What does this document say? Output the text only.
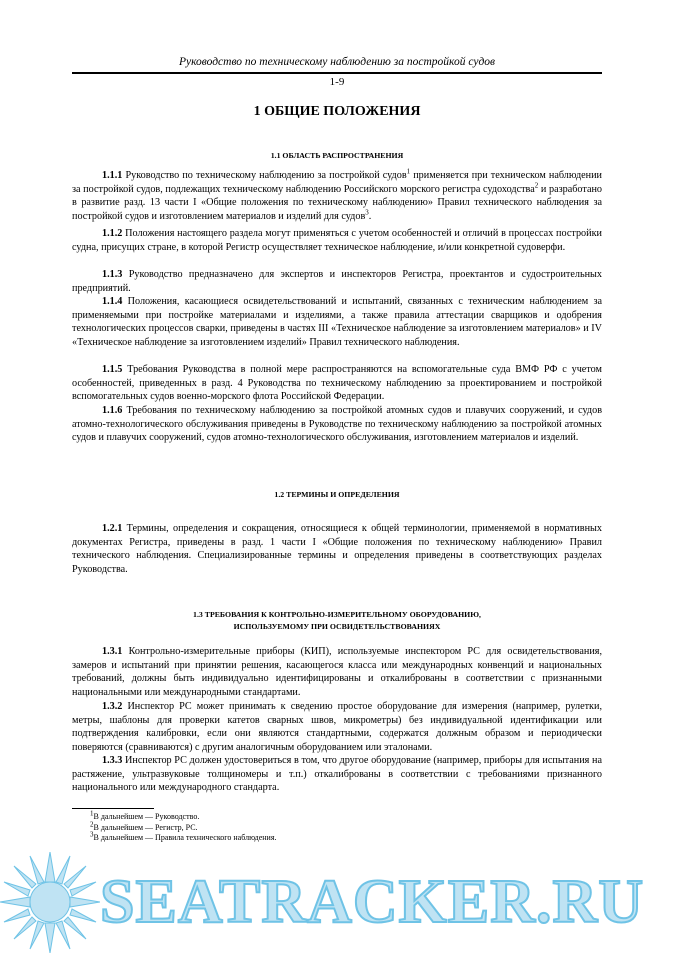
Руководство по техническому наблюдению за постройкой судов
1-9
1 ОБЩИЕ ПОЛОЖЕНИЯ
1.1 ОБЛАСТЬ РАСПРОСТРАНЕНИЯ
1.1.1 Руководство по техническому наблюдению за постройкой судов$^1$ применяется при техническом наблюдении за постройкой судов, подлежащих техническому наблюдению Российского морского регистра судоходства$^2$ и разработано в развитие разд. 13 части I «Общие положения по техническому наблюдению» Правил технического наблюдения за постройкой судов и изготовлением материалов и изделий для судов$^3$.
1.1.2 Положения настоящего раздела могут применяться с учетом особенностей и отличий в процессах постройки судна, присущих стране, в которой Регистр осуществляет техническое наблюдение, и/или конкретной судоверфи.
1.1.3 Руководство предназначено для экспертов и инспекторов Регистра, проектантов и судостроительных предприятий.
1.1.4 Положения, касающиеся освидетельствований и испытаний, связанных с техническим наблюдением за применяемыми при постройке материалами и изделиями, а также правила аттестации сварщиков и одобрения технологических процессов сварки, приведены в частях III «Техническое наблюдение за изготовлением материалов» и IV «Техническое наблюдение за изготовлением изделий» Правил технического наблюдения.
1.1.5 Требования Руководства в полной мере распространяются на вспомогательные суда ВМФ РФ с учетом особенностей, приведенных в разд. 4 Руководства по техническому наблюдению за проектированием и постройкой вспомогательных судов военно-морского флота Российской Федерации.
1.1.6 Требования по техническому наблюдению за постройкой атомных судов и плавучих сооружений, и судов атомно-технологического обслуживания приведены в Руководстве по техническому наблюдению за постройкой атомных судов и плавучих сооружений, судов атомно-технологического обслуживания, изготовлением материалов и изделий.
1.2 ТЕРМИНЫ И ОПРЕДЕЛЕНИЯ
1.2.1 Термины, определения и сокращения, относящиеся к общей терминологии, применяемой в нормативных документах Регистра, приведены в разд. 1 части I «Общие положения по техническому наблюдению» Правил технического наблюдения. Специализированные термины и определения приведены в соответствующих разделах Руководства.
1.3 ТРЕБОВАНИЯ К КОНТРОЛЬНО-ИЗМЕРИТЕЛЬНОМУ ОБОРУДОВАНИЮ,
ИСПОЛЬЗУЕМОМУ ПРИ ОСВИДЕТЕЛЬСТВОВАНИЯХ
1.3.1 Контрольно-измерительные приборы (КИП), используемые инспектором РС для освидетельствования, замеров и испытаний при принятии решения, касающегося класса или международных конвенций и национальных требований, должны быть индивидуально идентифицированы и откалиброваны в соответствии с признанными национальными или международными стандартами.
1.3.2 Инспектор РС может принимать к сведению простое оборудование для измерения (например, рулетки, метры, шаблоны для проверки катетов сварных швов, микрометры) без индивидуальной идентификации или подтверждения калибровки, если они являются стандартными, содержатся должным образом и периодически поверяются (сравниваются) с другим аналогичным оборудованием или эталонами.
1.3.3 Инспектор РС должен удостовериться в том, что другое оборудование (например, приборы для испытания на растяжение, ультразвуковые толщиномеры и т.п.) откалиброваны в соответствии с требованиями признанного национального или международного стандарта.
$^1$В дальнейшем — Руководство.
$^2$В дальнейшем — Регистр, РС.
$^3$В дальнейшем — Правила технического наблюдения.
SEATRACKER.RU
